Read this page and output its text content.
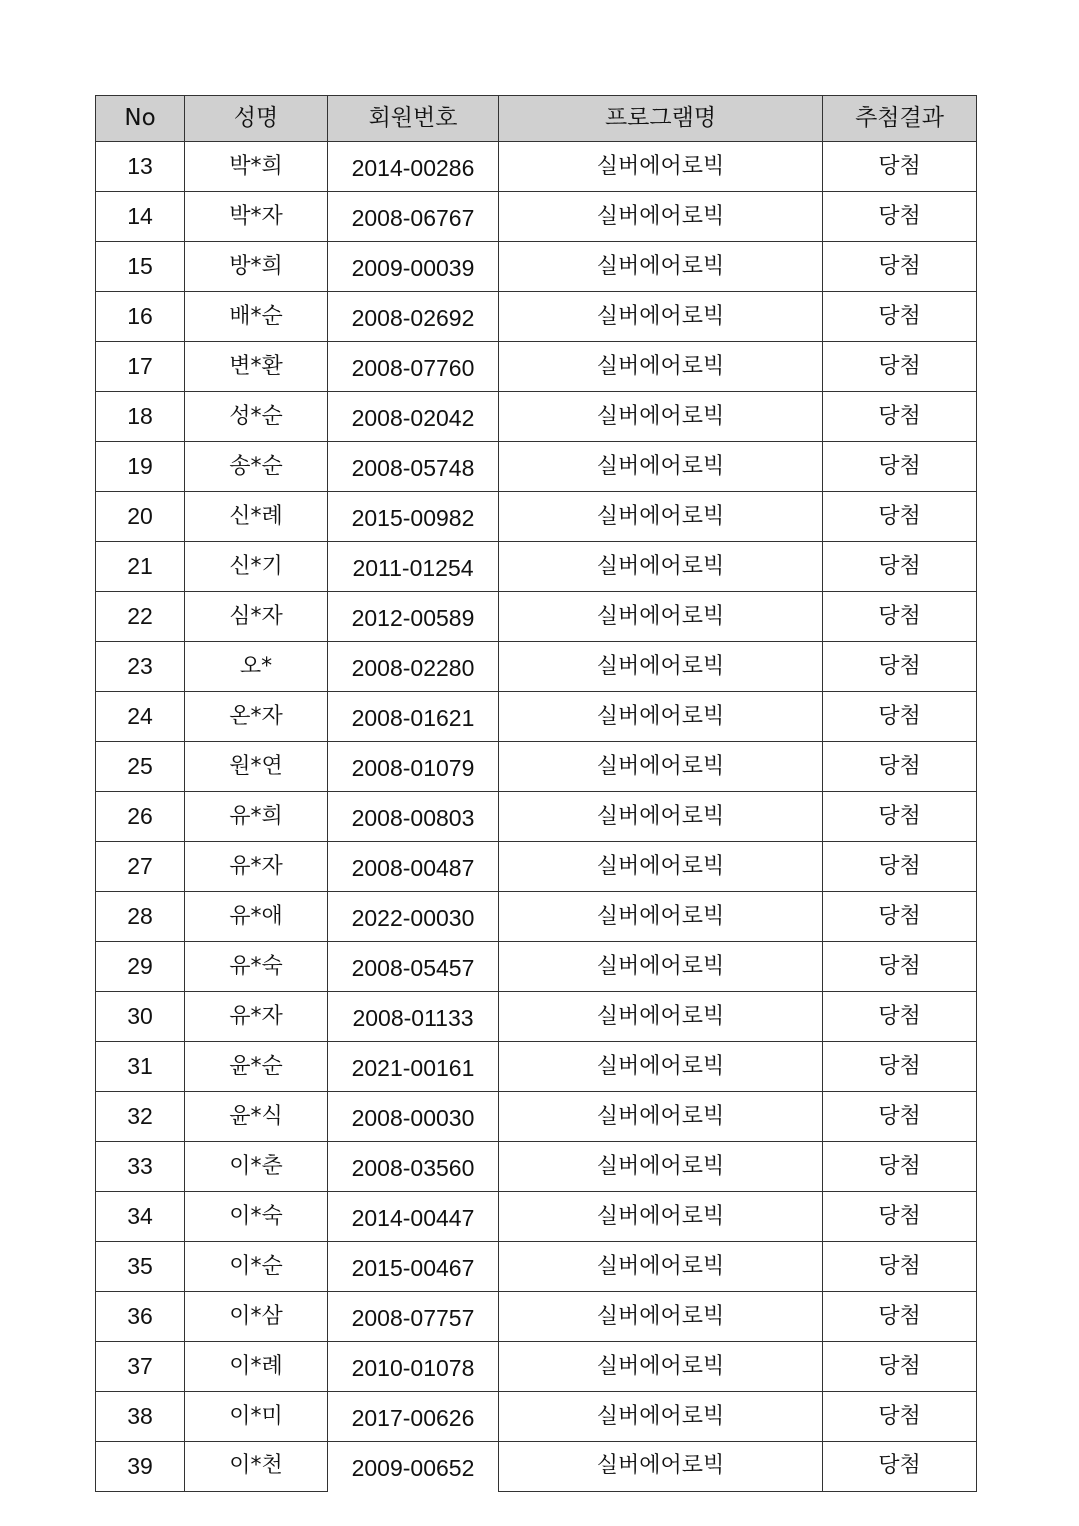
No	성명	회원번호	프로그램명	추첨결과
13	박*희	2014-00286	실버에어로빅	당첨
14	박*자	2008-06767	실버에어로빅	당첨
15	방*희	2009-00039	실버에어로빅	당첨
16	배*순	2008-02692	실버에어로빅	당첨
17	변*환	2008-07760	실버에어로빅	당첨
18	성*순	2008-02042	실버에어로빅	당첨
19	송*순	2008-05748	실버에어로빅	당첨
20	신*례	2015-00982	실버에어로빅	당첨
21	신*기	2011-01254	실버에어로빅	당첨
22	심*자	2012-00589	실버에어로빅	당첨
23	오*	2008-02280	실버에어로빅	당첨
24	온*자	2008-01621	실버에어로빅	당첨
25	원*연	2008-01079	실버에어로빅	당첨
26	유*희	2008-00803	실버에어로빅	당첨
27	유*자	2008-00487	실버에어로빅	당첨
28	유*애	2022-00030	실버에어로빅	당첨
29	유*숙	2008-05457	실버에어로빅	당첨
30	유*자	2008-01133	실버에어로빅	당첨
31	윤*순	2021-00161	실버에어로빅	당첨
32	윤*식	2008-00030	실버에어로빅	당첨
33	이*춘	2008-03560	실버에어로빅	당첨
34	이*숙	2014-00447	실버에어로빅	당첨
35	이*순	2015-00467	실버에어로빅	당첨
36	이*삼	2008-07757	실버에어로빅	당첨
37	이*례	2010-01078	실버에어로빅	당첨
38	이*미	2017-00626	실버에어로빅	당첨
39	이*천	2009-00652	실버에어로빅	당첨
